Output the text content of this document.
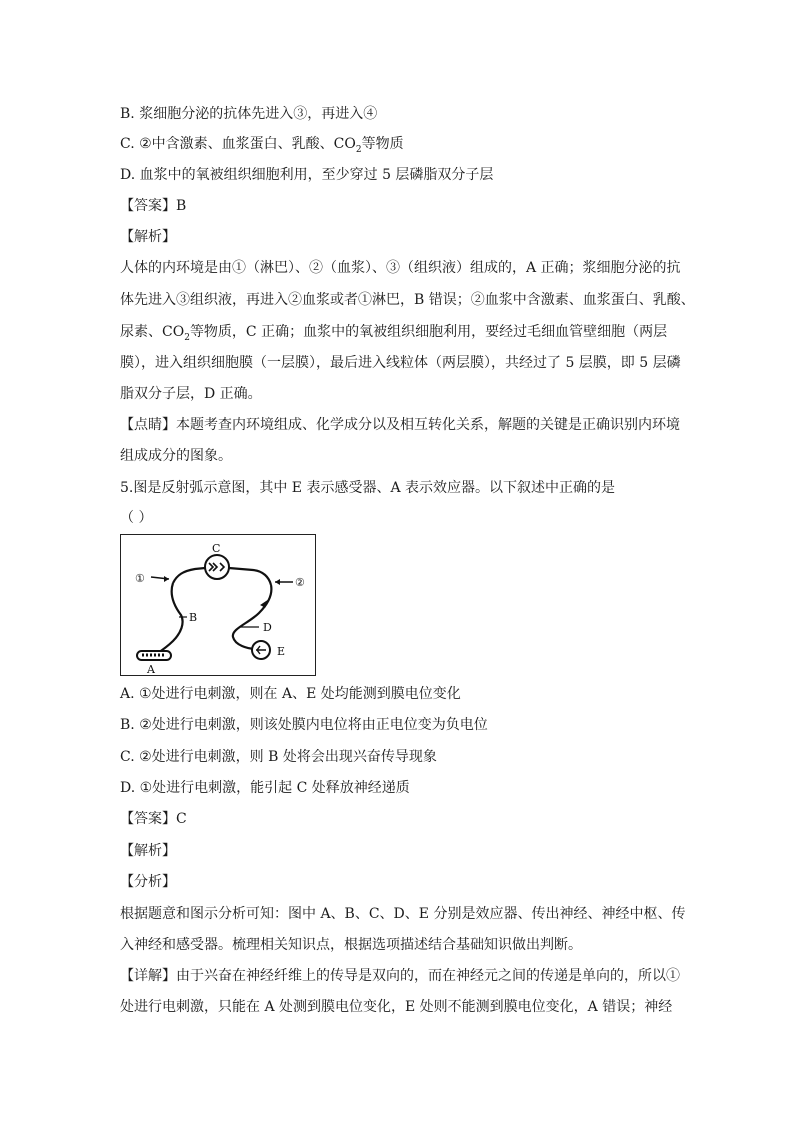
B. 浆细胞分泌的抗体先进入③，再进入④
C. ②中含激素、血浆蛋白、乳酸、$CO_2$等物质
D. 血浆中的氧被组织细胞利用，至少穿过 5 层磷脂双分子层
【答案】B
【解析】
人体的内环境是由①（淋巴）、②（血浆）、③（组织液）组成的，A 正确；浆细胞分泌的抗
体先进入③组织液，再进入②血浆或者①淋巴，B 错误；②血浆中含激素、血浆蛋白、乳酸、
尿素、$CO_2$等物质，C 正确；血浆中的氧被组织细胞利用，要经过毛细血管壁细胞（两层
膜），进入组织细胞膜（一层膜），最后进入线粒体（两层膜），共经过了 5 层膜，即 5 层磷
脂双分子层，D 正确。
【点睛】本题考查内环境组成、化学成分以及相互转化关系，解题的关键是正确识别内环境
组成成分的图象。
5.图是反射弧示意图，其中 E 表示感受器、A 表示效应器。以下叙述中正确的是
（ ）
①	②
C
B
D
E
A
A. ①处进行电刺激，则在 A、E 处均能测到膜电位变化
B. ②处进行电刺激，则该处膜内电位将由正电位变为负电位
C. ②处进行电刺激，则 B 处将会出现兴奋传导现象
D. ①处进行电刺激，能引起 C 处释放神经递质
【答案】C
【解析】
【分析】
根据题意和图示分析可知：图中 A、B、C、D、E 分别是效应器、传出神经、神经中枢、传
入神经和感受器。梳理相关知识点，根据选项描述结合基础知识做出判断。
【详解】由于兴奋在神经纤维上的传导是双向的，而在神经元之间的传递是单向的，所以①
处进行电刺激，只能在 A 处测到膜电位变化，E 处则不能测到膜电位变化，A 错误；神经
